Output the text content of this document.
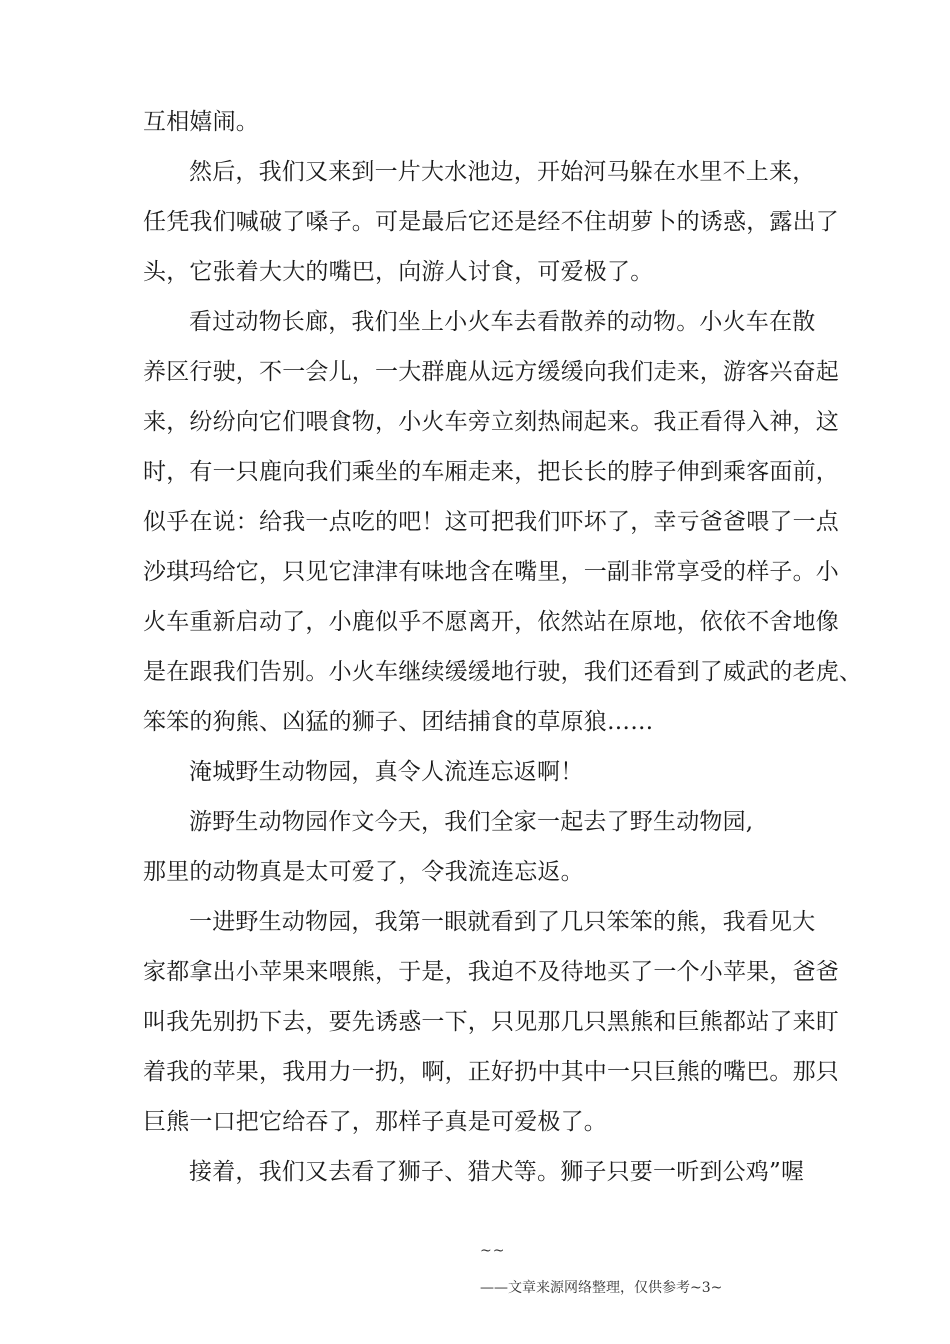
互相嬉闹。
然后，我们又来到一片大水池边，开始河马躲在水里不上来，
任凭我们喊破了嗓子。可是最后它还是经不住胡萝卜的诱惑，露出了
头，它张着大大的嘴巴，向游人讨食，可爱极了。
看过动物长廊，我们坐上小火车去看散养的动物。小火车在散
养区行驶，不一会儿，一大群鹿从远方缓缓向我们走来，游客兴奋起
来，纷纷向它们喂食物，小火车旁立刻热闹起来。我正看得入神，这
时，有一只鹿向我们乘坐的车厢走来，把长长的脖子伸到乘客面前，
似乎在说：给我一点吃的吧！这可把我们吓坏了，幸亏爸爸喂了一点
沙琪玛给它，只见它津津有味地含在嘴里，一副非常享受的样子。小
火车重新启动了，小鹿似乎不愿离开，依然站在原地，依依不舍地像
是在跟我们告别。小火车继续缓缓地行驶，我们还看到了威武的老虎、
笨笨的狗熊、凶猛的狮子、团结捕食的草原狼……
淹城野生动物园，真令人流连忘返啊！
游野生动物园作文今天，我们全家一起去了野生动物园,
那里的动物真是太可爱了，令我流连忘返。
一进野生动物园，我第一眼就看到了几只笨笨的熊，我看见大
家都拿出小苹果来喂熊，于是，我迫不及待地买了一个小苹果，爸爸
叫我先别扔下去，要先诱惑一下，只见那几只黑熊和巨熊都站了来盯
着我的苹果，我用力一扔，啊，正好扔中其中一只巨熊的嘴巴。那只
巨熊一口把它给吞了，那样子真是可爱极了。
接着，我们又去看了狮子、猎犬等。狮子只要一听到公鸡”喔
~~
——文章来源网络整理，仅供参考~3~
